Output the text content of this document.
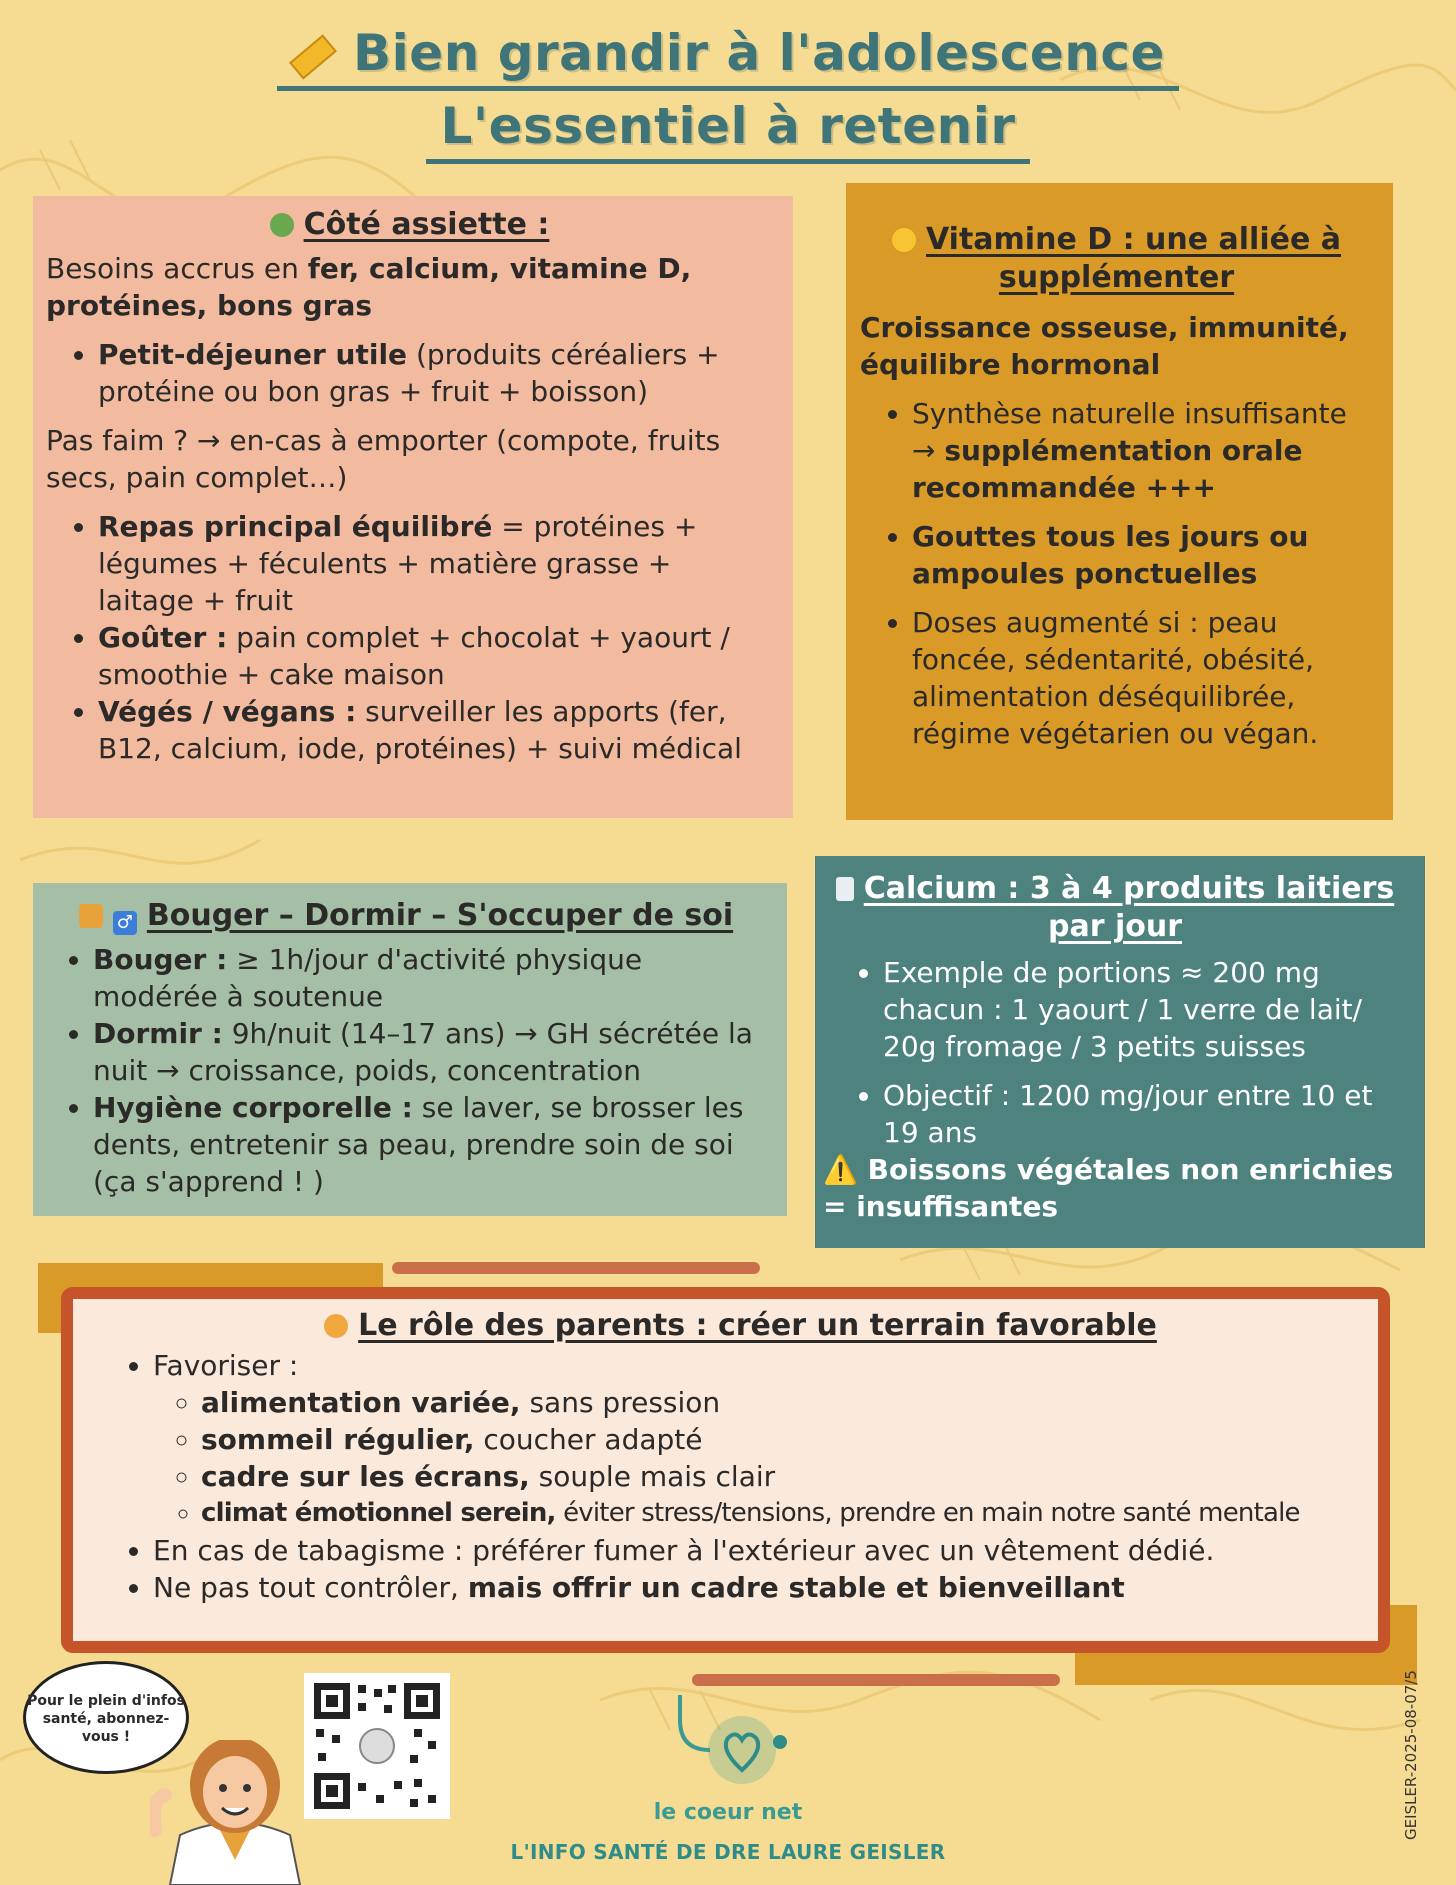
Bien grandir à l'adolescence
L'essentiel à retenir
Côté assiette :

Besoins accrus en fer, calcium, vitamine D, protéines, bons gras

• Petit-déjeuner utile (produits céréaliers + protéine ou bon gras + fruit + boisson)

Pas faim ? → en-cas à emporter (compote, fruits secs, pain complet…)

• Repas principal équilibré = protéines + légumes + féculents + matière grasse + laitage + fruit
• Goûter : pain complet + chocolat + yaourt / smoothie + cake maison
• Végés / végans : surveiller les apports (fer, B12, calcium, iode, protéines) + suivi médical
Vitamine D : une alliée à supplémenter

Croissance osseuse, immunité, équilibre hormonal

• Synthèse naturelle insuffisante → supplémentation orale recommandée +++
• Gouttes tous les jours ou ampoules ponctuelles
• Doses augmenté si : peau foncée, sédentarité, obésité, alimentation déséquilibrée, régime végétarien ou végan.
♂ Bouger – Dormir – S'occuper de soi
• Bouger : ≥ 1h/jour d'activité physique modérée à soutenue
• Dormir : 9h/nuit (14–17 ans) → GH sécrétée la nuit → croissance, poids, concentration
• Hygiène corporelle : se laver, se brosser les dents, entretenir sa peau, prendre soin de soi (ça s'apprend ! )
Calcium : 3 à 4 produits laitiers par jour
• Exemple de portions ≈ 200 mg chacun : 1 yaourt / 1 verre de lait/ 20g fromage / 3 petits suisses
• Objectif : 1200 mg/jour entre 10 et 19 ans

⚠️ Boissons végétales non enrichies = insuffisantes

Le rôle des parents : créer un terrain favorable
• Favoriser :
◦ alimentation variée, sans pression
◦ sommeil régulier, coucher adapté
◦ cadre sur les écrans, souple mais clair
◦ climat émotionnel serein, éviter stress/tensions, prendre en main notre santé mentale
• En cas de tabagisme : préférer fumer à l'extérieur avec un vêtement dédié.
• Ne pas tout contrôler, mais offrir un cadre stable et bienveillant
Pour le plein d'infos santé, abonnez-vous !
le coeur net
L'INFO SANTÉ DE DRE LAURE GEISLER
GEISLER-2025-08-07/5
